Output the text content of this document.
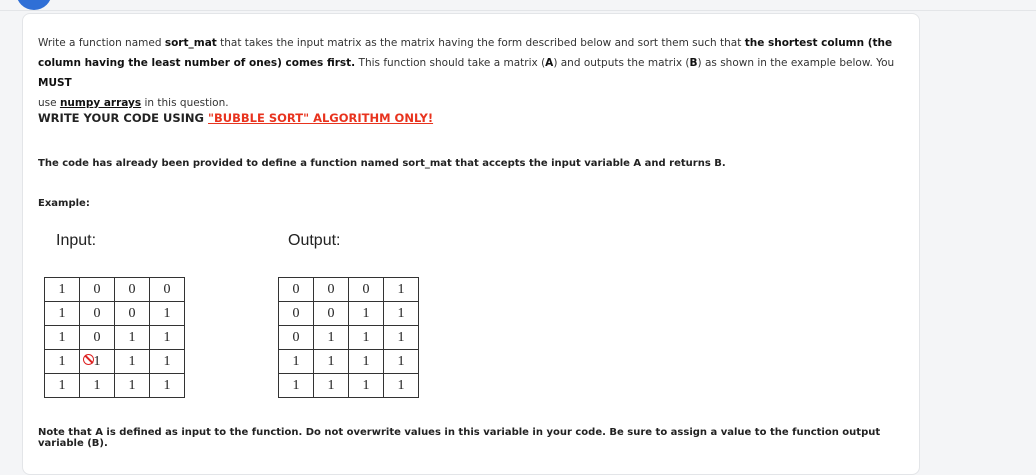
Write a function named sort_mat that takes the input matrix as the matrix having the form described below and sort them such that the shortest column (the column having the least number of ones) comes first. This function should take a matrix (A) and outputs the matrix (B) as shown in the example below. You MUST
use numpy arrays in this question.
WRITE YOUR CODE USING "BUBBLE SORT" ALGORITHM ONLY!
The code has already been provided to define a function named sort_mat that accepts the input variable A and returns B.
Example:
Input:	Output:
1	0	0	0
1	0	0	1
1	0	1	1
1	1	1	1
1	1	1	1
0	0	0	1
0	0	1	1
0	1	1	1
1	1	1	1
1	1	1	1
Note that A is defined as input to the function. Do not overwrite values in this variable in your code. Be sure to assign a value to the function output variable (B).
